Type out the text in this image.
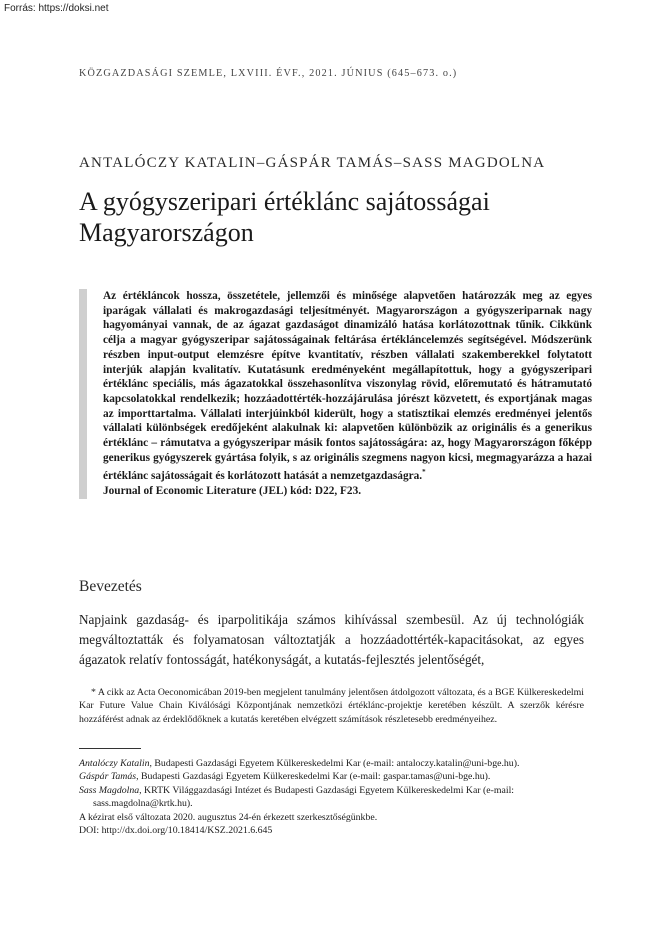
Forrás: https://doksi.net
KÖZGAZDASÁGI SZEMLE, LXVIII. ÉVF., 2021. JÚNIUS (645–673. o.)
ANTALÓCZY KATALIN–GÁSPÁR TAMÁS–SASS MAGDOLNA
A gyógyszeripari értéklánc sajátosságai Magyarországon

Az értékláncok hossza, összetétele, jellemzői és minősége alapvetően határozzák meg az egyes iparágak vállalati és makrogazdasági teljesítményét. Magyarországon a gyógyszeriparnak nagy hagyományai vannak, de az ágazat gazdaságot dinamizáló hatása korlátozottnak tűnik. Cikkünk célja a magyar gyógyszeripar sajátosságainak feltárása értékláncelemzés segítségével. Módszerünk részben input-output elemzésre építve kvantitatív, részben vállalati szakemberekkel folytatott interjúk alapján kvalitatív. Kutatásunk eredményeként megállapítottuk, hogy a gyógyszeripari értéklánc speciális, más ágazatokkal összehasonlítva viszonylag rövid, előremutató és hátramutató kapcsolatokkal rendelkezik; hozzáadottérték-hozzájárulása jórészt közvetett, és exportjának magas az importtartalma. Vállalati interjúinkból kiderült, hogy a statisztikai elemzés eredményei jelentős vállalati különbségek eredőjeként alakulnak ki: alapvetően különbözik az originális és a generikus értéklánc – rámutatva a gyógyszeripar másik fontos sajátosságára: az, hogy Magyarországon főképp generikus gyógyszerek gyártása folyik, s az originális szegmens nagyon kicsi, megmagyarázza a hazai értéklánc sajátosságait és korlátozott hatását a nemzetgazdaságra.*

Journal of Economic Literature (JEL) kód: D22, F23.

Bevezetés

Napjaink gazdaság- és iparpolitikája számos kihívással szembesül. Az új technológiák megváltoztatták és folyamatosan változtatják a hozzáadottérték-kapacitásokat, az egyes ágazatok relatív fontosságát, hatékonyságát, a kutatás-fejlesztés jelentőségét,

* A cikk az Acta Oeconomicában 2019-ben megjelent tanulmány jelentősen átdolgozott változata, és a BGE Külkereskedelmi Kar Future Value Chain Kiválósági Központjának nemzetközi értéklánc-projektje keretében készült. A szerzők kérésre hozzáférést adnak az érdeklődőknek a kutatás keretében elvégzett számítások részletesebb eredményeihez.

Antalóczy Katalin, Budapesti Gazdasági Egyetem Külkereskedelmi Kar (e-mail: antaloczy.katalin@uni-bge.hu).

Gáspár Tamás, Budapesti Gazdasági Egyetem Külkereskedelmi Kar (e-mail: gaspar.tamas@uni-bge.hu).

Sass Magdolna, KRTK Világgazdasági Intézet és Budapesti Gazdasági Egyetem Külkereskedelmi Kar (e-mail: sass.magdolna@krtk.hu).

A kézirat első változata 2020. augusztus 24-én érkezett szerkesztőségünkbe.

DOI: http://dx.doi.org/10.18414/KSZ.2021.6.645
